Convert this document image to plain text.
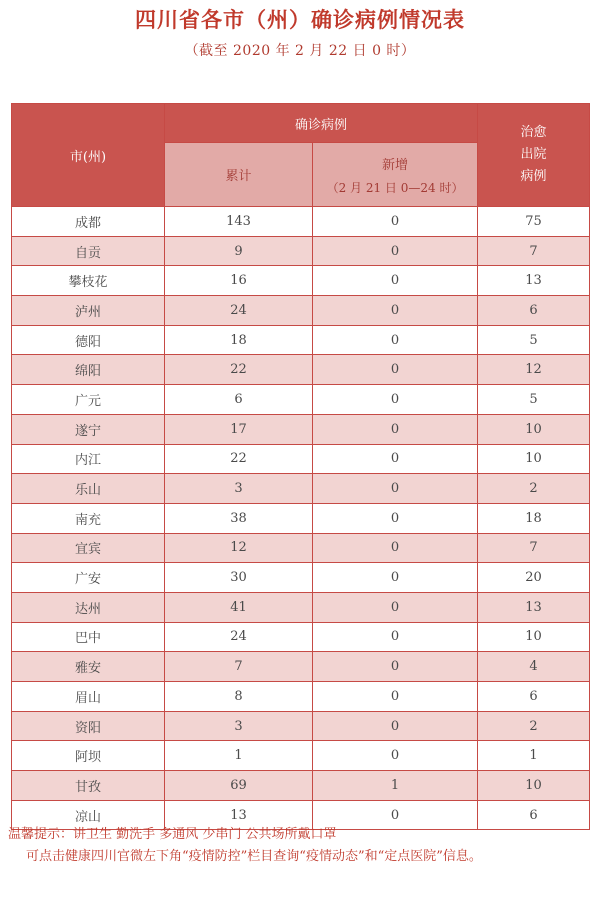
四川省各市（州）确诊病例情况表
（截至 2020 年 2 月 22 日 0 时）
市(州)	确诊病例		治愈
出院
病例

	累计	新增
（2 月 21 日 0—24 时）	

成都	143	0	75
自贡	9	0	7
攀枝花	16	0	13
泸州	24	0	6
德阳	18	0	5
绵阳	22	0	12
广元	6	0	5
遂宁	17	0	10
内江	22	0	10
乐山	3	0	2
南充	38	0	18
宜宾	12	0	7
广安	30	0	20
达州	41	0	13
巴中	24	0	10
雅安	7	0	4
眉山	8	0	6
资阳	3	0	2
阿坝	1	0	1
甘孜	69	1	10
凉山	13	0	6
温馨提示：讲卫生 勤洗手 多通风 少串门 公共场所戴口罩
可点击健康四川官微左下角“疫情防控”栏目查询“疫情动态”和“定点医院”信息。
